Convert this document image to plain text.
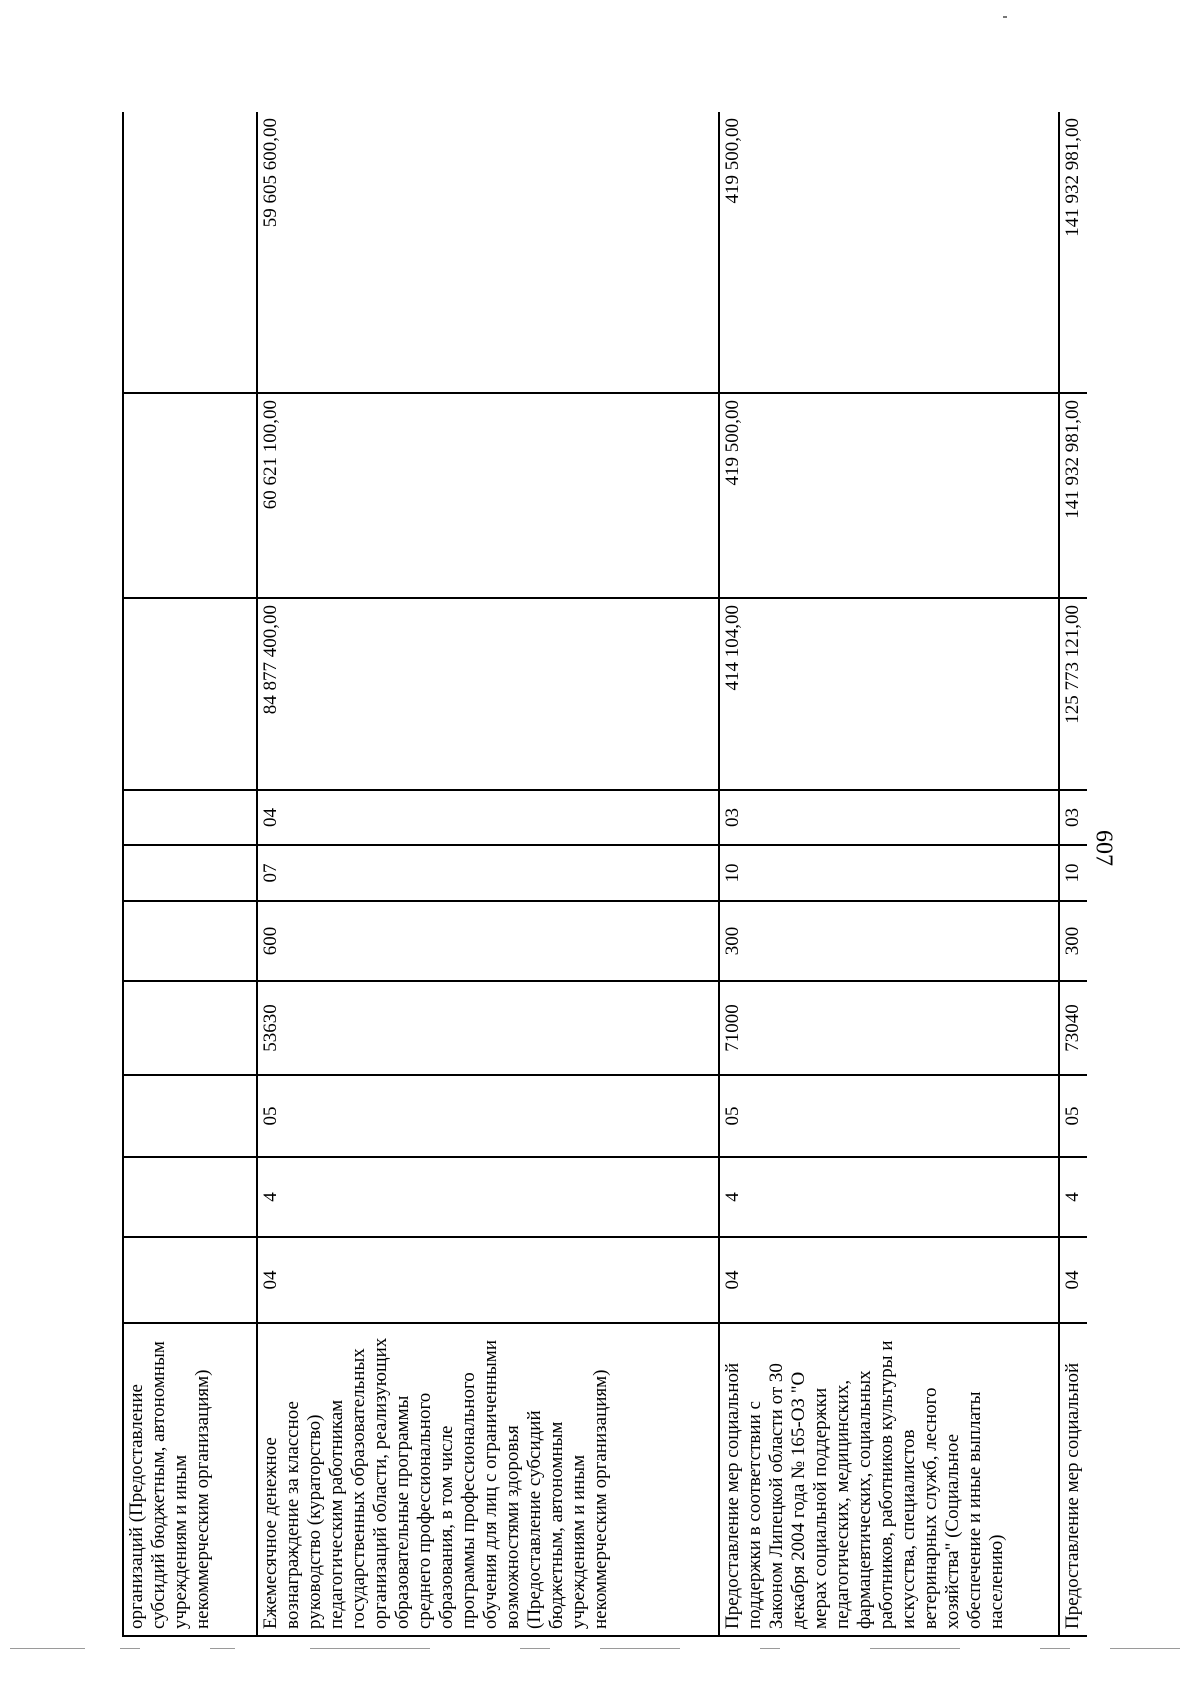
607
организаций (Предоставление субсидий бюджетным, автономным учреждениям и иным некоммерческим организациям)										
Ежемесячное денежное вознаграждение за классное руководство (кураторство) педагогическим работникам государственных образовательных организаций области, реализующих образовательные программы среднего профессионального образования, в том числе программы профессионального обучения для лиц с ограниченными возможностями здоровья (Предоставление субсидий бюджетным, автономным учреждениям и иным некоммерческим организациям)	04	4	05	53630	600	07	04	84 877 400,00	60 621 100,00	59 605 600,00
Предоставление мер социальной поддержки в соответствии с Законом Липецкой области от 30 декабря 2004 года № 165-ОЗ "О мерах социальной поддержки педагогических, медицинских, фармацевтических, социальных работников, работников культуры и искусства, специалистов ветеринарных служб, лесного хозяйства" (Социальное обеспечение и иные выплаты населению)	04	4	05	71000	300	10	03	414 104,00	419 500,00	419 500,00
Предоставление мер социальной	04	4	05	73040	300	10	03	125 773 121,00	141 932 981,00	141 932 981,00
